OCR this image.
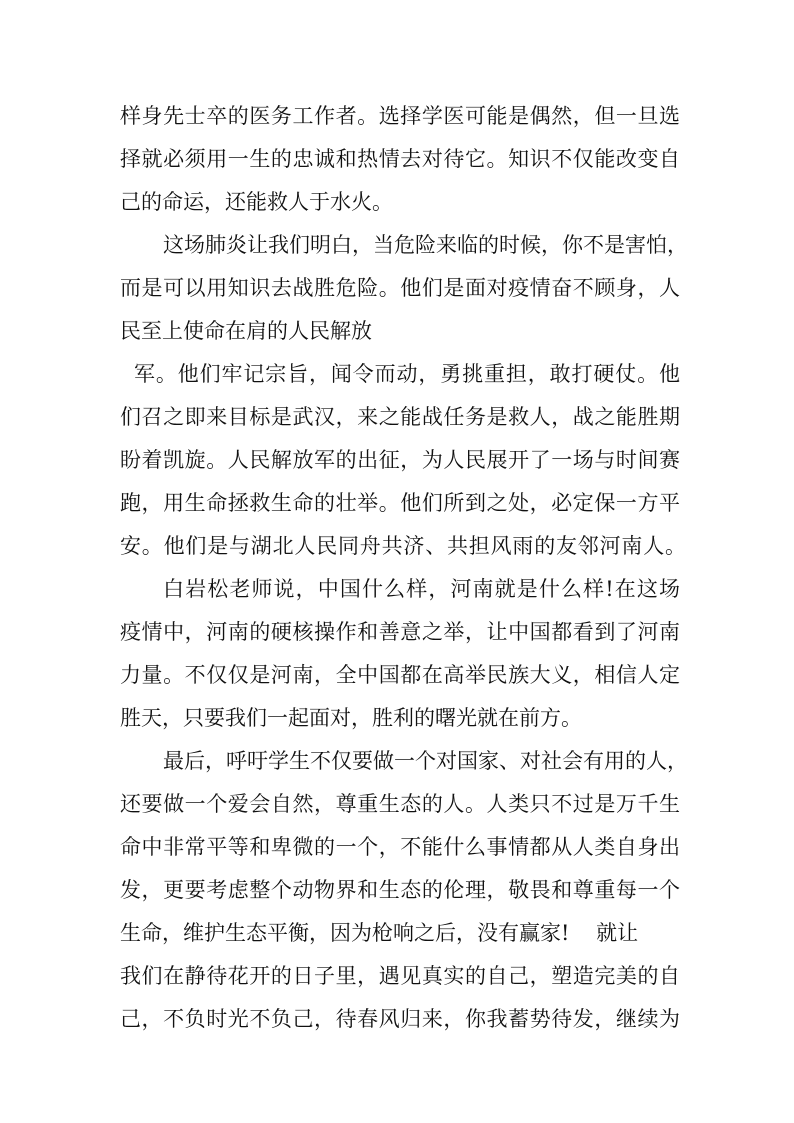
样身先士卒的医务工作者。选择学医可能是偶然，但一旦选
择就必须用一生的忠诚和热情去对待它。知识不仅能改变自
己的命运，还能救人于水火。
这场肺炎让我们明白，当危险来临的时候，你不是害怕，
而是可以用知识去战胜危险。他们是面对疫情奋不顾身，人
民至上使命在肩的人民解放
军。他们牢记宗旨，闻令而动，勇挑重担，敢打硬仗。他
们召之即来目标是武汉，来之能战任务是救人，战之能胜期
盼着凯旋。人民解放军的出征，为人民展开了一场与时间赛
跑，用生命拯救生命的壮举。他们所到之处，必定保一方平
安。他们是与湖北人民同舟共济、共担风雨的友邻河南人。
白岩松老师说，中国什么样，河南就是什么样!在这场
疫情中，河南的硬核操作和善意之举，让中国都看到了河南
力量。不仅仅是河南，全中国都在高举民族大义，相信人定
胜天，只要我们一起面对，胜利的曙光就在前方。
最后，呼吁学生不仅要做一个对国家、对社会有用的人，
还要做一个爱会自然，尊重生态的人。人类只不过是万千生
命中非常平等和卑微的一个，不能什么事情都从人类自身出
发，更要考虑整个动物界和生态的伦理，敬畏和尊重每一个
生命，维护生态平衡，因为枪响之后，没有赢家!    就让
我们在静待花开的日子里，遇见真实的自己，塑造完美的自
己，不负时光不负己，待春风归来，你我蓄势待发，继续为
